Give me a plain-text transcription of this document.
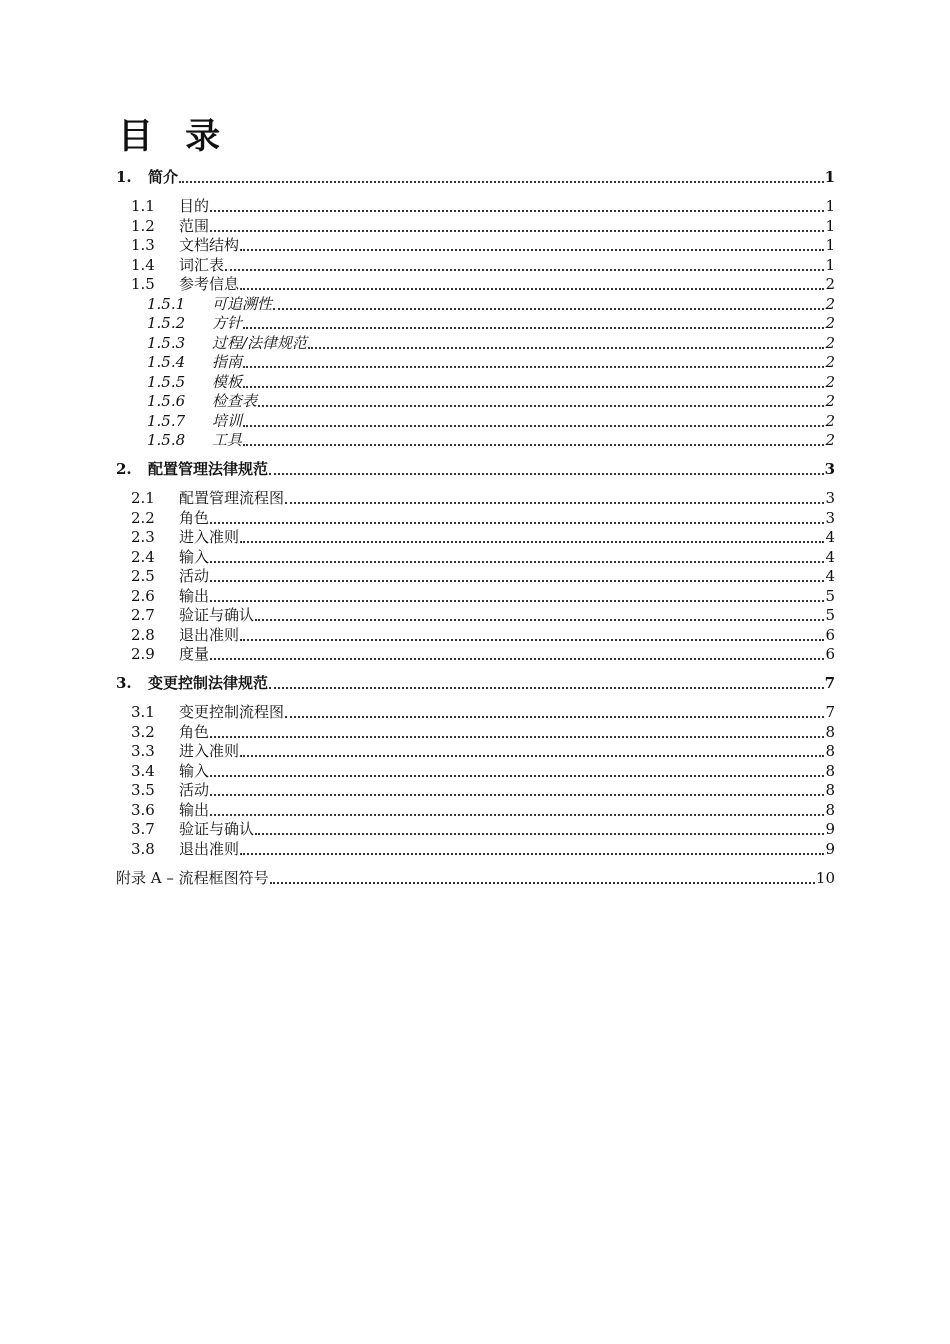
目 录
1.	简介	1
1.1	目的	1
1.2	范围	1
1.3	文档结构	1
1.4	词汇表	1
1.5	参考信息	2
1.5.1	可追溯性	2
1.5.2	方针	2
1.5.3	过程/法律规范	2
1.5.4	指南	2
1.5.5	模板	2
1.5.6	检查表	2
1.5.7	培训	2
1.5.8	工具	2
2.	配置管理法律规范	3
2.1	配置管理流程图	3
2.2	角色	3
2.3	进入准则	4
2.4	输入	4
2.5	活动	4
2.6	输出	5
2.7	验证与确认	5
2.8	退出准则	6
2.9	度量	6
3.	变更控制法律规范	7
3.1	变更控制流程图	7
3.2	角色	8
3.3	进入准则	8
3.4	输入	8
3.5	活动	8
3.6	输出	8
3.7	验证与确认	9
3.8	退出准则	9
附录 A – 流程框图符号	10
